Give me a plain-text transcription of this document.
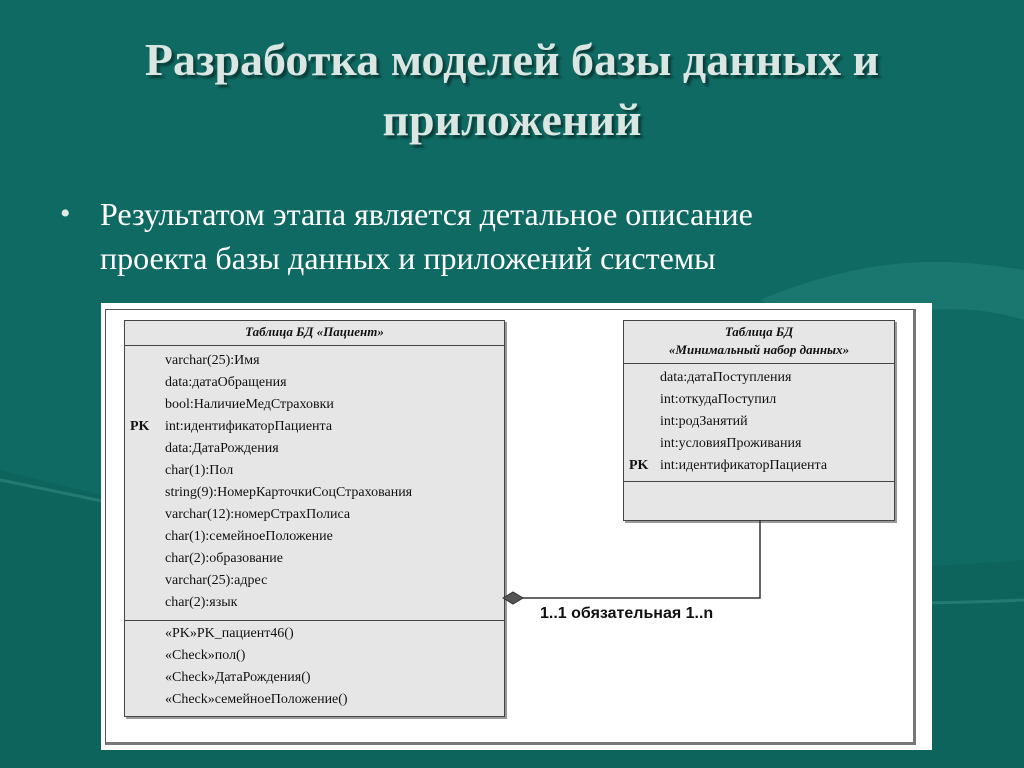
Разработка моделей базы данных и
приложений
• Результатом этапа является детальное описание
проекта базы данных и приложений системы
Таблица БД «Пациент»
varchar(25):Имя
data:датаОбращения
bool:НаличиеМедСтраховки
PK int:идентификаторПациента
data:ДатаРождения
char(1):Пол
string(9):НомерКарточкиСоцСтрахования
varchar(12):номерСтрахПолиса
char(1):семейноеПоложение
char(2):образование
varchar(25):адрес
char(2):язык
«PK»PK_пациент46()
«Check»пол()
«Check»ДатаРождения()
«Check»семейноеПоложение()
Таблица БД
«Минимальный набор данных»
data:датаПоступления
int:откудаПоступил
int:родЗанятий
int:условияПроживания
PK int:идентификаторПациента
1..1 обязательная 1..n
